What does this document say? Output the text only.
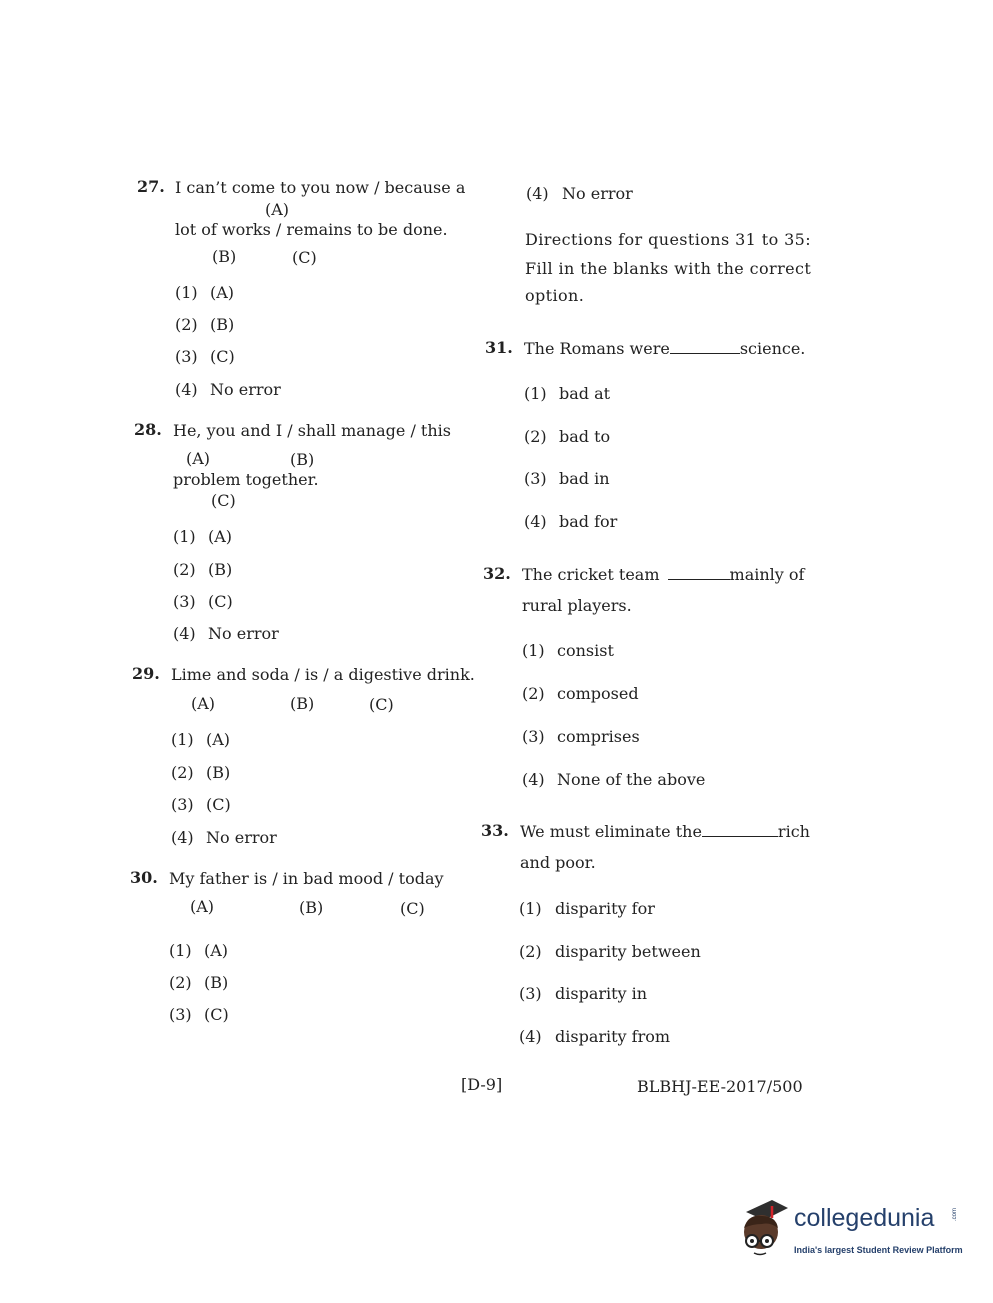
27. I can’t come to you now / because a
(A)
lot of works / remains to be done.
(B)	(C)
(1) (A)
(2) (B)
(3) (C)
(4) No error
28. He, you and I / shall manage / this
(A)	(B)
problem together.
(C)
(1) (A)
(2) (B)
(3) (C)
(4) No error
29. Lime and soda / is / a digestive drink.
(A)	(B)	(C)
(1) (A)
(2) (B)
(3) (C)
(4) No error
30. My father is / in bad mood / today
(A)	(B)	(C)
(1) (A)
(2) (B)
(3) (C)
(4) No error
Directions for questions 31 to 35:
Fill in the blanks with the correct
option.
31. The Romans were	science.
(1) bad at
(2) bad to
(3) bad in
(4) bad for
32. The cricket team	mainly of
rural players.
(1) consist
(2) composed
(3) comprises
(4) None of the above
33. We must eliminate the	rich
and poor.
(1) disparity for
(2) disparity between
(3) disparity in
(4) disparity from
[D-9]	BLBHJ-EE-2017/500
collegedunia	.com
India's largest Student Review Platform
